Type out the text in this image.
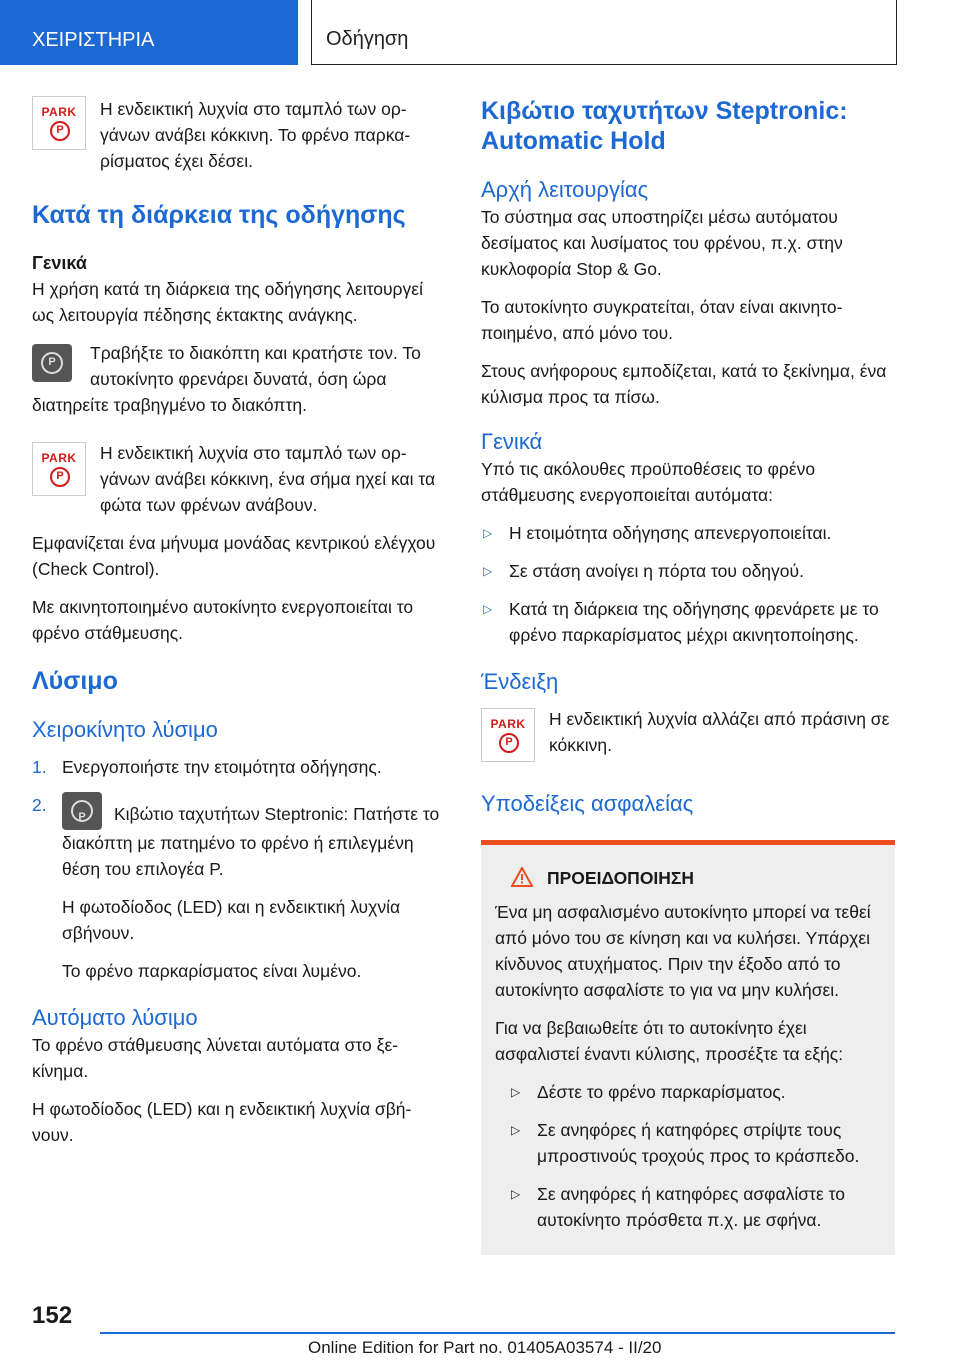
ΧΕΙΡΙΣΤΗΡΙΑ	Οδήγηση
PARK
P	Η ενδεικτική λυχνία στο ταμπλό των οργάνων ανάβει κόκκινη. Το φρένο παρκαρίσματος έχει δέσει.

Κατά τη διάρκεια της οδήγησης
Γενικά

Η χρήση κατά τη διάρκεια της οδήγησης λειτουργεί ως λειτουργία πέδησης έκτακτης ανάγκης.

P

Τραβήξτε το διακόπτη και κρατήστε τον. Το αυτοκίνητο φρενάρει δυνατά, όση ώρα διατηρείτε τραβηγμένο το διακόπτη.

PARK
P	Η ενδεικτική λυχνία στο ταμπλό των οργάνων ανάβει κόκκινη, ένα σήμα ηχεί και τα φώτα των φρένων ανάβουν.

Εμφανίζεται ένα μήνυμα μονάδας κεντρικού ελέγχου (Check Control).

Με ακινητοποιημένο αυτοκίνητο ενεργοποιείται το φρένο στάθμευσης.

Λύσιμο
Χειροκίνητο λύσιμο
1. Ενεργοποιήστε την ετοιμότητα οδήγησης.
2.
P	Κιβώτιο ταχυτήτων Steptronic: Πατήστε το διακόπτη με πατημένο το φρένο ή επιλεγμένη θέση του επιλογέα P.

Η φωτοδίοδος (LED) και η ενδεικτική λυχνία σβήνουν.

Το φρένο παρκαρίσματος είναι λυμένο.

Αυτόματο λύσιμο

Το φρένο στάθμευσης λύνεται αυτόματα στο ξεκίνημα.

Η φωτοδίοδος (LED) και η ενδεικτική λυχνία σβήνουν.

Κιβώτιο ταχυτήτων Steptronic: Automatic Hold
Αρχή λειτουργίας

Το σύστημα σας υποστηρίζει μέσω αυτόματου δεσίματος και λυσίματος του φρένου, π.χ. στην κυκλοφορία Stop & Go.

Το αυτοκίνητο συγκρατείται, όταν είναι ακινητοποιημένο, από μόνο του.

Στους ανήφορους εμποδίζεται, κατά το ξεκίνημα, ένα κύλισμα προς τα πίσω.

Γενικά

Υπό τις ακόλουθες προϋποθέσεις το φρένο στάθμευσης ενεργοποιείται αυτόματα:

▷ Η ετοιμότητα οδήγησης απενεργοποιείται.
▷ Σε στάση ανοίγει η πόρτα του οδηγού.
▷ Κατά τη διάρκεια της οδήγησης φρενάρετε με το φρένο παρκαρίσματος μέχρι ακινητοποίησης.
Ένδειξη
PARK
P	Η ενδεικτική λυχνία αλλάζει από πράσινη σε κόκκινη.

Υποδείξεις ασφαλείας
ΠΡΟΕΙΔΟΠΟΙΗΣΗ

Ένα μη ασφαλισμένο αυτοκίνητο μπορεί να τεθεί από μόνο του σε κίνηση και να κυλήσει. Υπάρχει κίνδυνος ατυχήματος. Πριν την έξοδο από το αυτοκίνητο ασφαλίστε το για να μην κυλήσει.

Για να βεβαιωθείτε ότι το αυτοκίνητο έχει ασφαλιστεί έναντι κύλισης, προσέξτε τα εξής:

▷ Δέστε το φρένο παρκαρίσματος.
▷ Σε ανηφόρες ή κατηφόρες στρίψτε τους μπροστινούς τροχούς προς το κράσπεδο.
▷ Σε ανηφόρες ή κατηφόρες ασφαλίστε το αυτοκίνητο πρόσθετα π.χ. με σφήνα.
152
Online Edition for Part no. 01405A03574 - II/20
